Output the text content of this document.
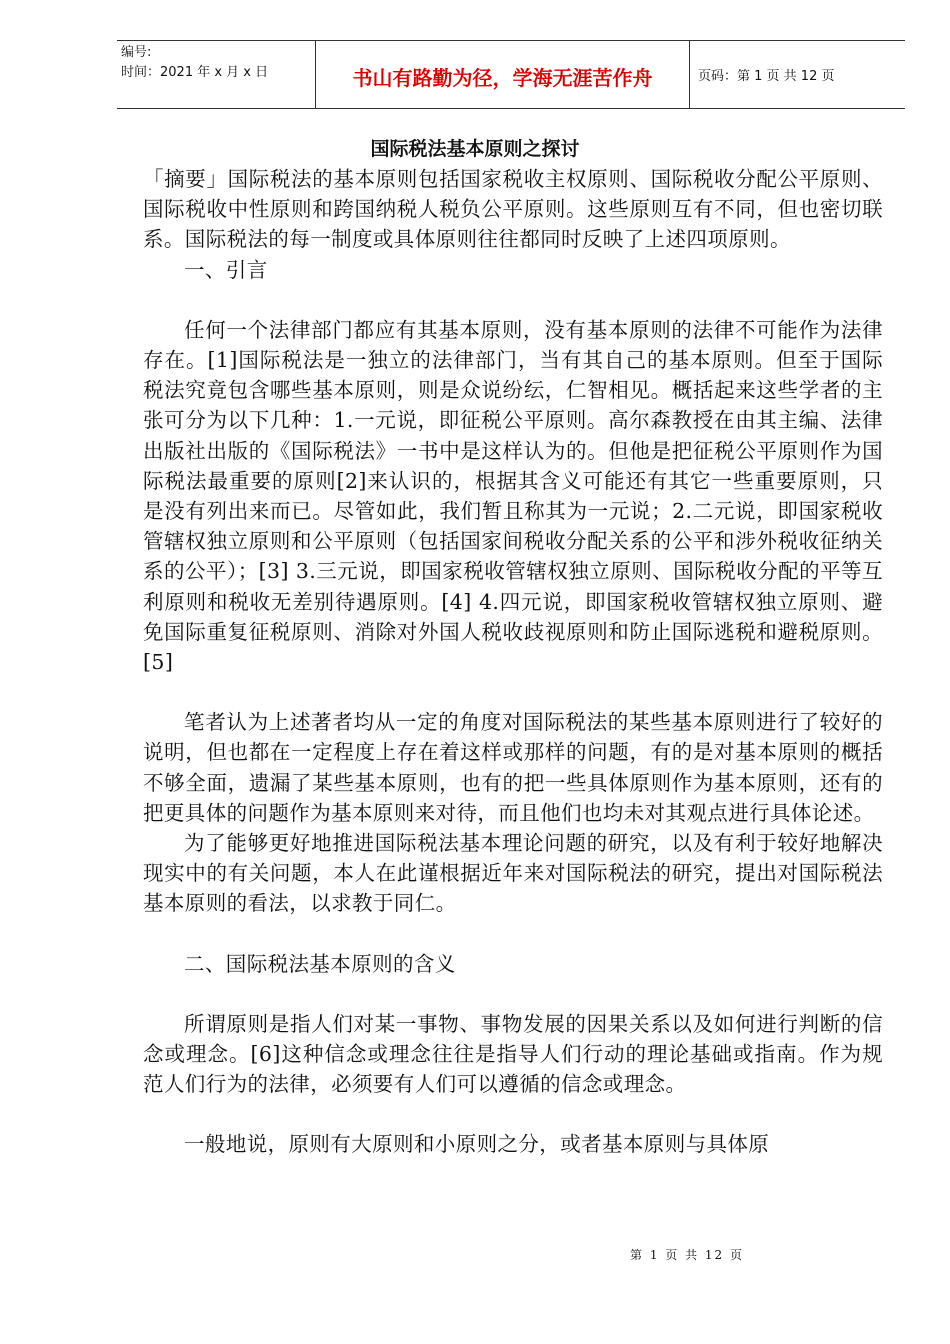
编号:
时间：2021 年 x 月 x 日	书山有路勤为径，学海无涯苦作舟	页码：第 1 页 共 12 页
国际税法基本原则之探讨

「摘要」国际税法的基本原则包括国家税收主权原则、国际税收分配公平原则、国际税收中性原则和跨国纳税人税负公平原则。这些原则互有不同，但也密切联系。国际税法的每一制度或具体原则往往都同时反映了上述四项原则。

一、引言

任何一个法律部门都应有其基本原则，没有基本原则的法律不可能作为法律存在。[1]国际税法是一独立的法律部门，当有其自己的基本原则。但至于国际税法究竟包含哪些基本原则，则是众说纷纭，仁智相见。概括起来这些学者的主张可分为以下几种：1.一元说，即征税公平原则。高尔森教授在由其主编、法律出版社出版的《国际税法》一书中是这样认为的。但他是把征税公平原则作为国际税法最重要的原则[2]来认识的，根据其含义可能还有其它一些重要原则，只是没有列出来而已。尽管如此，我们暂且称其为一元说；2.二元说，即国家税收管辖权独立原则和公平原则（包括国家间税收分配关系的公平和涉外税收征纳关系的公平）；[3] 3.三元说，即国家税收管辖权独立原则、国际税收分配的平等互利原则和税收无差别待遇原则。[4] 4.四元说，即国家税收管辖权独立原则、避免国际重复征税原则、消除对外国人税收歧视原则和防止国际逃税和避税原则。[5]

笔者认为上述著者均从一定的角度对国际税法的某些基本原则进行了较好的说明，但也都在一定程度上存在着这样或那样的问题，有的是对基本原则的概括不够全面，遗漏了某些基本原则，也有的把一些具体原则作为基本原则，还有的把更具体的问题作为基本原则来对待，而且他们也均未对其观点进行具体论述。

为了能够更好地推进国际税法基本理论问题的研究，以及有利于较好地解决现实中的有关问题，本人在此谨根据近年来对国际税法的研究，提出对国际税法基本原则的看法，以求教于同仁。

二、国际税法基本原则的含义

所谓原则是指人们对某一事物、事物发展的因果关系以及如何进行判断的信念或理念。[6]这种信念或理念往往是指导人们行动的理论基础或指南。作为规范人们行为的法律，必须要有人们可以遵循的信念或理念。

一般地说，原则有大原则和小原则之分，或者基本原则与具体原

第 1 页 共 12 页
